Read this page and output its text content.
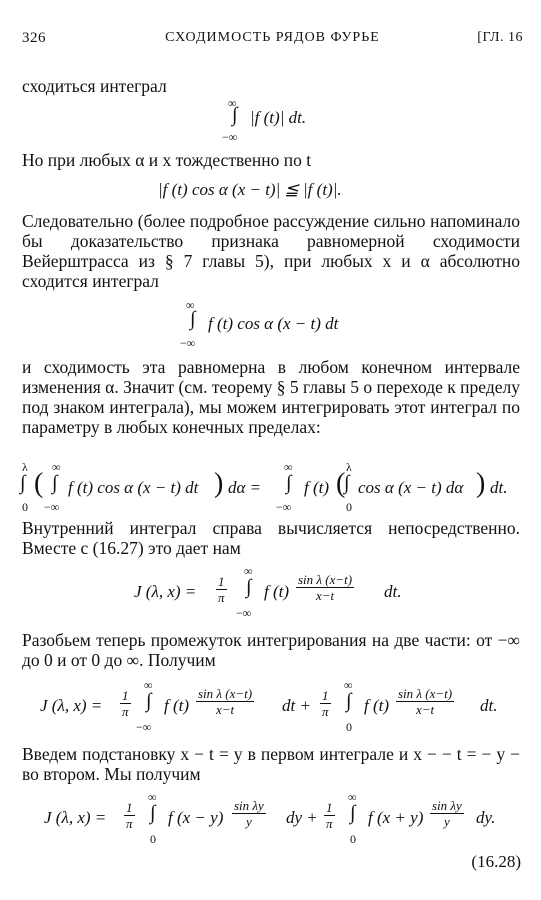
326	СХОДИМОСТЬ РЯДОВ ФУРЬЕ	[ГЛ. 16
сходиться интеграл
∞
∫
−∞
|f (t)| dt.
Но при любых α и x тождественно по t
|f (t) cos α (x − t)| ≦ |f (t)|.
Следовательно (более подробное рассуждение сильно напоминало бы доказательство признака равномерной сходимости Вейерштрасса из § 7 главы 5), при любых x и α абсолютно сходится интеграл
∞
∫
−∞
f (t) cos α (x − t) dt
и сходимость эта равномерна в любом конечном интервале изменения α. Значит (см. теорему § 5 главы 5 о переходе к пределу под знаком интеграла), мы можем интегрировать этот интеграл по параметру в любых конечных пределах:
λ
∫
0
(
∞
∫
−∞
f (t) cos α (x − t) dt ) dα =
∞
∫
−∞
f (t) (
λ
∫
0
cos α (x − t) dα ) dt.
Внутренний интеграл справа вычисляется непосредственно. Вместе с (16.27) это дает нам
J (λ, $x) = \frac{1}{\pi}$
∞
∫
−∞
f $(t) \frac{\text{sin λ (x−t)}}{x-t}$ dt.
Разобьем теперь промежуток интегрирования на две части: от −∞ до 0 и от 0 до ∞. Получим
J (λ, $x) = \frac{1}{\pi}$
∞
∫
−∞
f $(t) \frac{\text{sin λ (x−t)}}{x-t}$ dt + $\frac{1}{\pi}$
∞
∫
0
f $(t) \frac{\text{sin λ (x−t)}}{x-t}$ dt.
Введем подстановку x − t = y в первом интеграле и x − − t = − y − во втором. Мы получим
J (λ, $x) = \frac{1}{\pi}$
∞
∫
0
f $(x - y) \frac{\text{sin λy}}{y}$ dy + $\frac{1}{\pi}$
∞
∫
0
f $(x + y) \frac{\text{sin λy}}{y}$ dy.
(16.28)
